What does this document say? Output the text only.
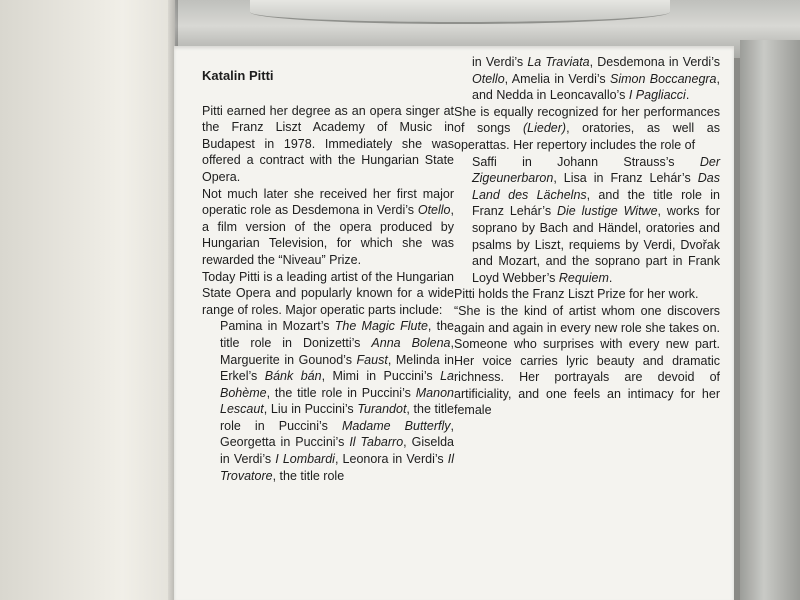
Katalin Pitti

Pitti earned her degree as an opera singer at the Franz Liszt Academy of Music in Budapest in 1978. Immediately she was offered a contract with the Hungarian State Opera.

Not much later she received her first major operatic role as Desdemona in Verdi’s Otello, a film version of the opera produced by Hungarian Television, for which she was rewarded the “Niveau” Prize.

Today Pitti is a leading artist of the Hungarian State Opera and popularly known for a wide range of roles. Major operatic parts include:

Pamina in Mozart’s The Magic Flute, the title role in Donizetti’s Anna Bolena, Marguerite in Gounod’s Faust, Melinda in Erkel’s Bánk bán, Mimi in Puccini’s La Bohème, the title role in Puccini’s Manon Lescaut, Liu in Puccini’s Turandot, the title role in Puccini’s Madame Butterfly, Georgetta in Puccini’s Il Tabarro, Giselda in Verdi’s I Lombardi, Leonora in Verdi’s Il Trovatore, the title role

in Verdi’s La Traviata, Desdemona in Verdi’s Otello, Amelia in Verdi’s Simon Boccanegra, and Nedda in Leoncavallo’s I Pagliacci.

She is equally recognized for her performances of songs (Lieder), oratories, as well as operattas. Her repertory includes the role of

Saffi in Johann Strauss’s Der Zigeunerbaron, Lisa in Franz Lehár’s Das Land des Lächelns, and the title role in Franz Lehár’s Die lustige Witwe, works for soprano by Bach and Händel, oratories and psalms by Liszt, requiems by Verdi, Dvořak and Mozart, and the soprano part in Frank Loyd Webber’s Requiem.

Pitti holds the Franz Liszt Prize for her work.

“She is the kind of artist whom one discovers again and again in every new role she takes on. Someone who surprises with every new part. Her voice carries lyric beauty and dramatic richness. Her portrayals are devoid of artificiality, and one feels an intimacy for her female
